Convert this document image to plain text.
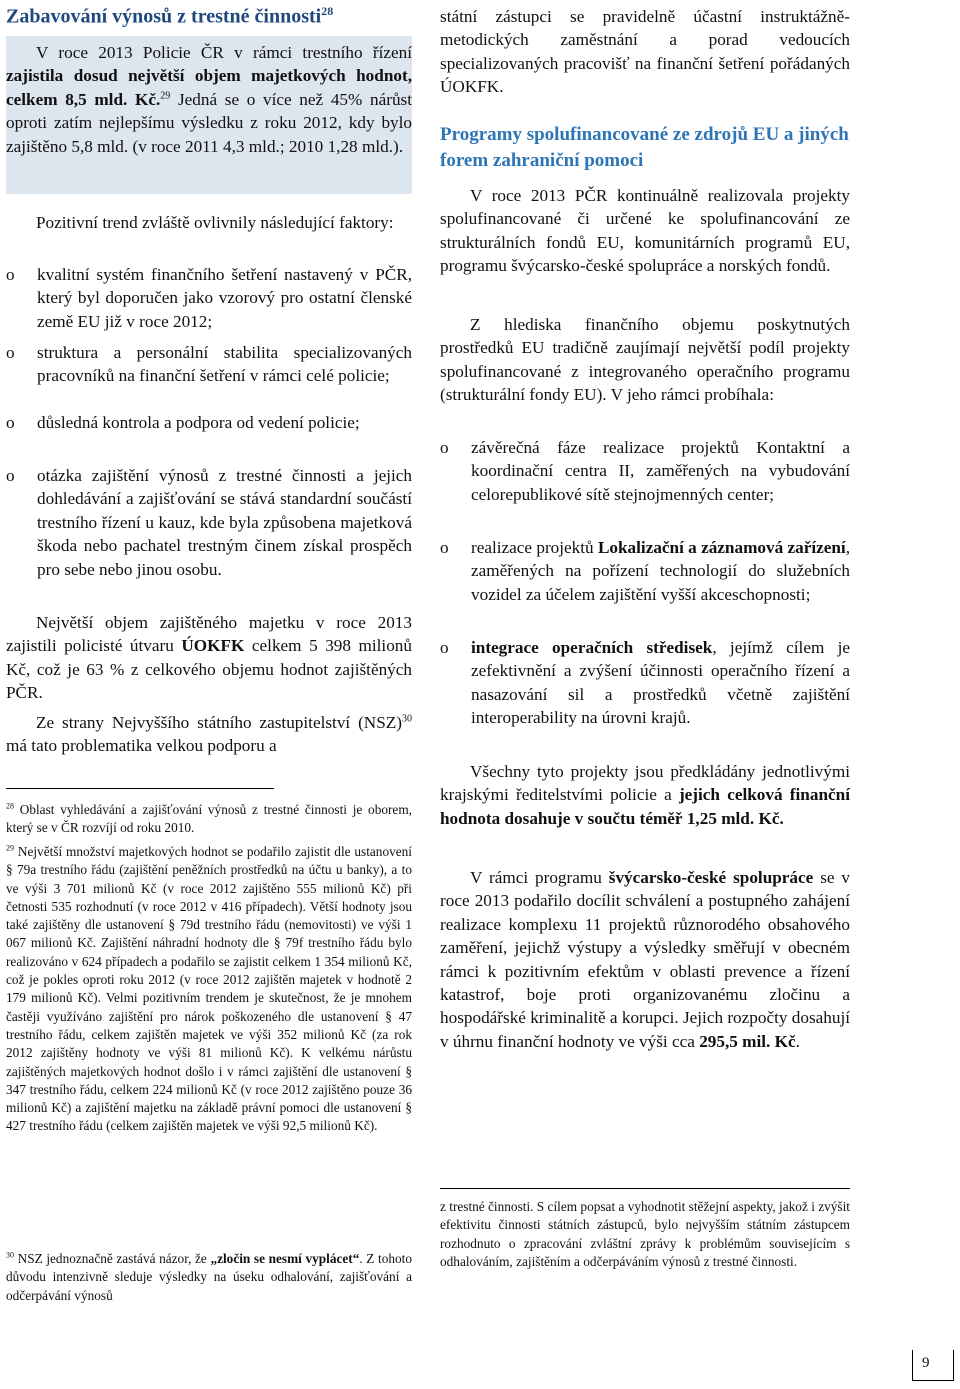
Zabavování výnosů z trestné činnosti$^{28}$

V roce 2013 Policie ČR v rámci trestního řízení zajistila dosud největší objem majetkových hodnot, celkem 8,5 mld. Kč.$^{29}$ Jedná se o více než 45% nárůst oproti zatím nejlepšímu výsledku z roku 2012, kdy bylo zajištěno 5,8 mld. (v roce 2011 4,3 mld.; 2010 1,28 mld.).

Pozitivní trend zvláště ovlivnily následující faktory:

o kvalitní systém finančního šetření nastavený v PČR, který byl doporučen jako vzorový pro ostatní členské země EU již v roce 2012;
o struktura a personální stabilita specializovaných pracovníků na finanční šetření v rámci celé policie;
o důsledná kontrola a podpora od vedení policie;
o otázka zajištění výnosů z trestné činnosti a jejich dohledávání a zajišťování se stává standardní součástí trestního řízení u kauz, kde byla způsobena majetková škoda nebo pachatel trestným činem získal prospěch pro sebe nebo jinou osobu.

Největší objem zajištěného majetku v roce 2013 zajistili policisté útvaru ÚOKFK celkem 5 398 milionů Kč, což je 63 % z celkového objemu hodnot zajištěných PČR.

Ze strany Nejvyššího státního zastupitelství (NSZ)$^{30}$ má tato problematika velkou podporu a

$^{28}$ Oblast vyhledávání a zajišťování výnosů z trestné činnosti je oborem, který se v ČR rozvíjí od roku 2010.

$^{29}$ Největší množství majetkových hodnot se podařilo zajistit dle ustanovení § 79a trestního řádu (zajištění peněžních prostředků na účtu u banky), a to ve výši 3 701 milionů Kč (v roce 2012 zajištěno 555 milionů Kč) při četnosti 535 rozhodnutí (v roce 2012 v 416 případech). Větší hodnoty jsou také zajištěny dle ustanovení § 79d trestního řádu (nemovitosti) ve výši 1 067 milionů Kč. Zajištění náhradní hodnoty dle § 79f trestního řádu bylo realizováno v 624 případech a podařilo se zajistit celkem 1 354 milionů Kč, což je pokles oproti roku 2012 (v roce 2012 zajištěn majetek v hodnotě 2 179 milionů Kč). Velmi pozitivním trendem je skutečnost, že je mnohem častěji využíváno zajištění pro nárok poškozeného dle ustanovení § 47 trestního řádu, celkem zajištěn majetek ve výši 352 milionů Kč (za rok 2012 zajištěny hodnoty ve výši 81 milionů Kč). K velkému nárůstu zajištěných majetkových hodnot došlo i v rámci zajištění dle ustanovení § 347 trestního řádu, celkem 224 milionů Kč (v roce 2012 zajištěno pouze 36 milionů Kč) a zajištění majetku na základě právní pomoci dle ustanovení § 427 trestního řádu (celkem zajištěn majetek ve výši 92,5 milionů Kč).

$^{30}$ NSZ jednoznačně zastává názor, že „zločin se nesmí vyplácet“. Z tohoto důvodu intenzivně sleduje výsledky na úseku odhalování, zajišťování a odčerpávání výnosů

státní zástupci se pravidelně účastní instruktážně-metodických zaměstnání a porad vedoucích specializovaných pracovišť na finanční šetření pořádaných ÚOKFK.

Programy spolufinancované ze zdrojů EU a jiných forem zahraniční pomoci

V roce 2013 PČR kontinuálně realizovala projekty spolufinancované či určené ke spolufinancování ze strukturálních fondů EU, komunitárních programů EU, programu švýcarsko-české spolupráce a norských fondů.

Z hlediska finančního objemu poskytnutých prostředků EU tradičně zaujímají největší podíl projekty spolufinancované z integrovaného operačního programu (strukturální fondy EU). V jeho rámci probíhala:

o závěrečná fáze realizace projektů Kontaktní a koordinační centra II, zaměřených na vybudování celorepublikové sítě stejnojmenných center;
o realizace projektů Lokalizační a záznamová zařízení, zaměřených na pořízení technologií do služebních vozidel za účelem zajištění vyšší akceschopnosti;
o integrace operačních středisek, jejímž cílem je zefektivnění a zvýšení účinnosti operačního řízení a nasazování sil a prostředků včetně zajištění interoperability na úrovni krajů.

Všechny tyto projekty jsou předkládány jednotlivými krajskými ředitelstvími policie a jejich celková finanční hodnota dosahuje v součtu téměř 1,25 mld. Kč.

V rámci programu švýcarsko-české spolupráce se v roce 2013 podařilo docílit schválení a postupného zahájení realizace komplexu 11 projektů různorodého obsahového zaměření, jejichž výstupy a výsledky směřují v obecném rámci k pozitivním efektům v oblasti prevence a řízení katastrof, boje proti organizovanému zločinu a hospodářské kriminalitě a korupci. Jejich rozpočty dosahují v úhrnu finanční hodnoty ve výši cca 295,5 mil. Kč.

z trestné činnosti. S cílem popsat a vyhodnotit stěžejní aspekty, jakož i zvýšit efektivitu činnosti státních zástupců, bylo nejvyšším státním zástupcem rozhodnuto o zpracování zvláštní zprávy k problémům souvisejícím s odhalováním, zajištěním a odčerpáváním výnosů z trestné činnosti.

9
